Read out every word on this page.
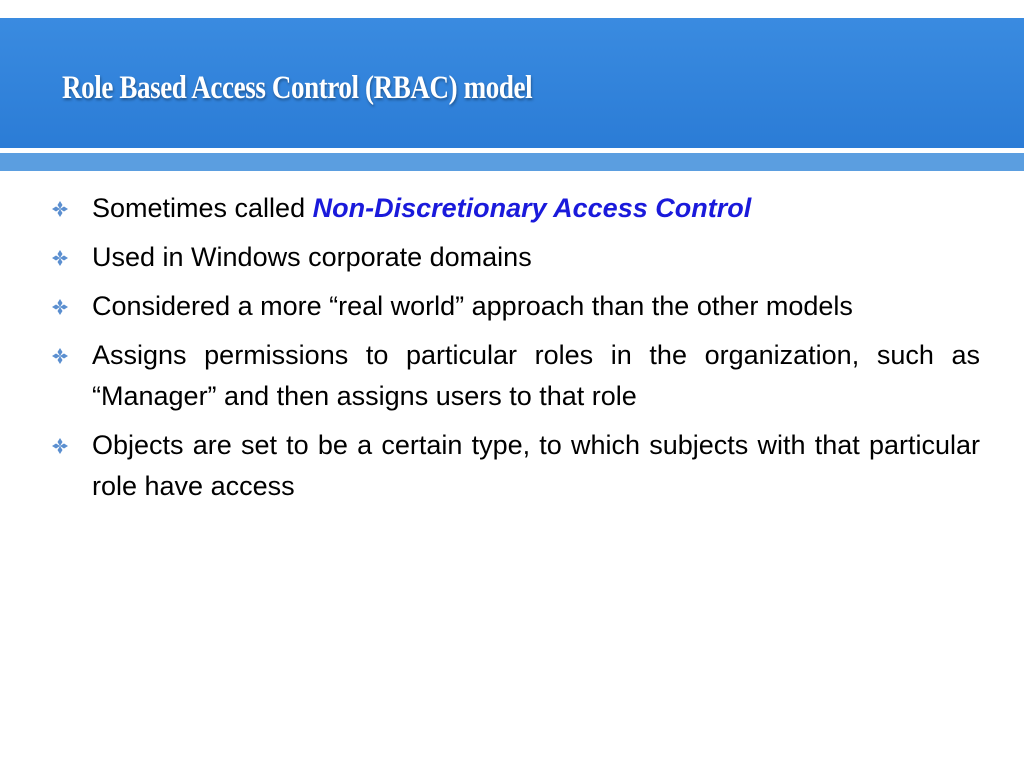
Role Based Access Control (RBAC) model
Sometimes called Non-Discretionary Access Control
Used in Windows corporate domains
Considered a more “real world” approach than the other models
Assigns permissions to particular roles in the organization, such as “Manager” and then assigns users to that role
Objects are set to be a certain type, to which subjects with that particular role have access
